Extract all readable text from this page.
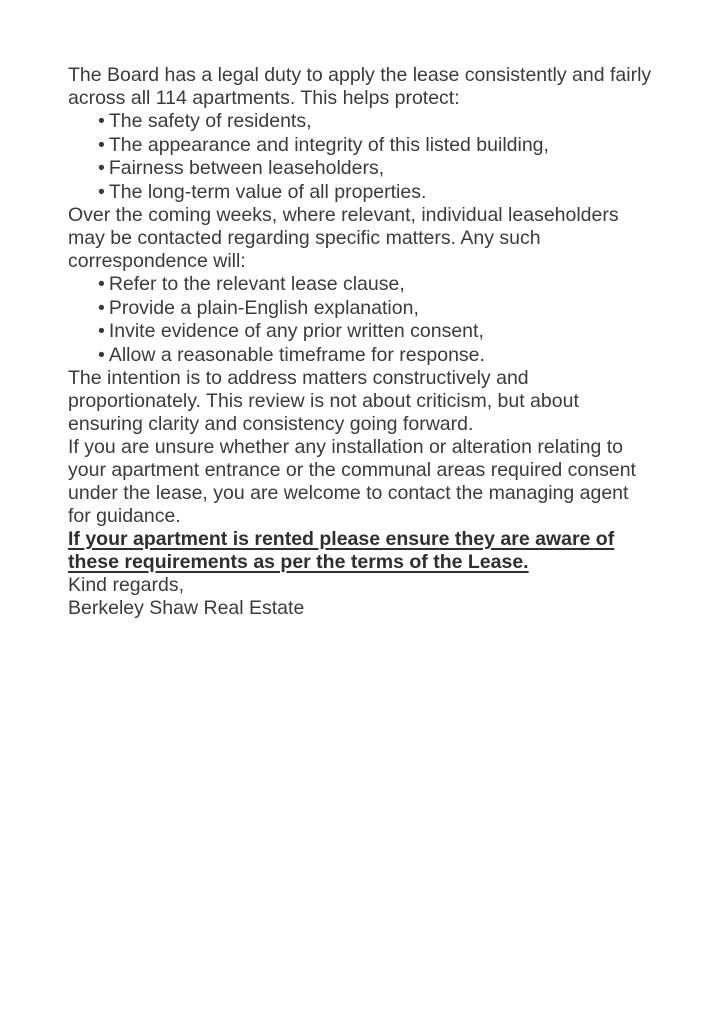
The Board has a legal duty to apply the lease consistently and fairly across all 114 apartments. This helps protect:

• The safety of residents,
• The appearance and integrity of this listed building,
• Fairness between leaseholders,
• The long-term value of all properties.

Over the coming weeks, where relevant, individual leaseholders may be contacted regarding specific matters. Any such correspondence will:

• Refer to the relevant lease clause,
• Provide a plain-English explanation,
• Invite evidence of any prior written consent,
• Allow a reasonable timeframe for response.

The intention is to address matters constructively and proportionately. This review is not about criticism, but about ensuring clarity and consistency going forward.

If you are unsure whether any installation or alteration relating to your apartment entrance or the communal areas required consent under the lease, you are welcome to contact the managing agent for guidance.

If your apartment is rented please ensure they are aware of these requirements as per the terms of the Lease.

Kind regards,

Berkeley Shaw Real Estate
